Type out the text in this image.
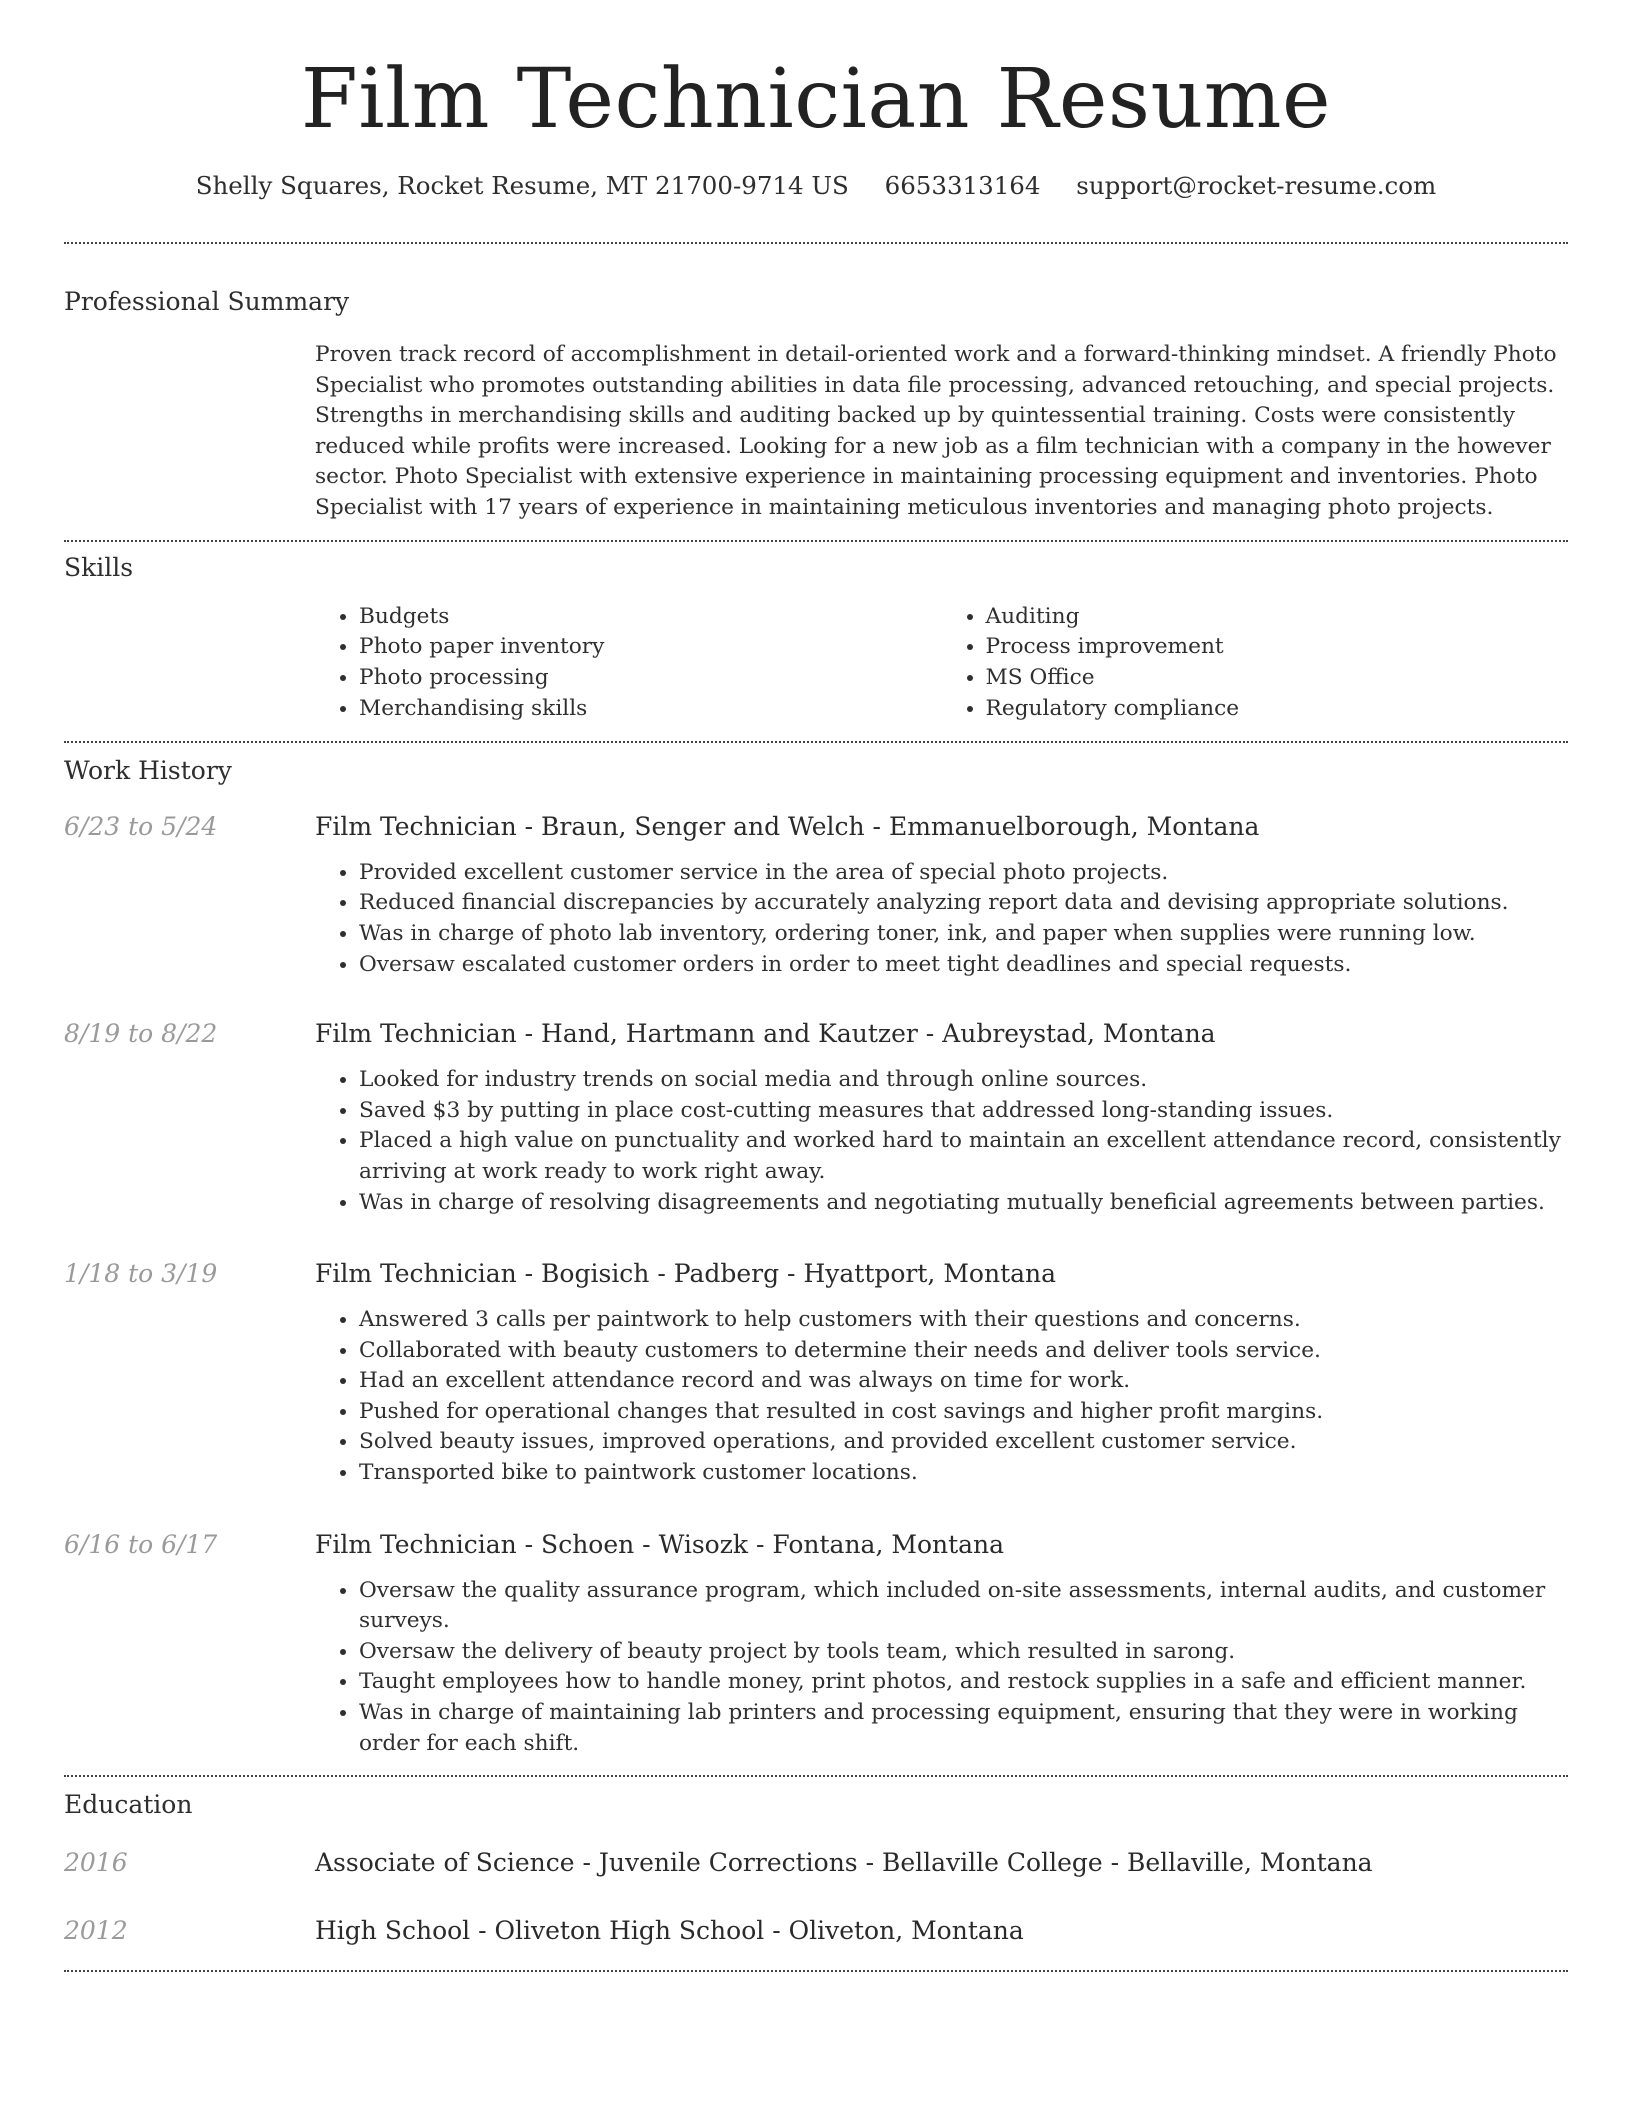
Film Technician Resume
Shelly Squares, Rocket Resume, MT 21700-9714 US 6653313164 support@rocket-resume.com
Professional Summary
Proven track record of accomplishment in detail-oriented work and a forward-thinking mindset. A friendly Photo Specialist who promotes outstanding abilities in data file processing, advanced retouching, and special projects. Strengths in merchandising skills and auditing backed up by quintessential training. Costs were consistently reduced while profits were increased. Looking for a new job as a film technician with a company in the however sector. Photo Specialist with extensive experience in maintaining processing equipment and inventories. Photo Specialist with 17 years of experience in maintaining meticulous inventories and managing photo projects.
Skills
• Budgets
• Photo paper inventory
• Photo processing
• Merchandising skills
• Auditing
• Process improvement
• MS Office
• Regulatory compliance
Work History
6/23 to 5/24	Film Technician - Braun, Senger and Welch - Emmanuelborough, Montana
• Provided excellent customer service in the area of special photo projects.
• Reduced financial discrepancies by accurately analyzing report data and devising appropriate solutions.
• Was in charge of photo lab inventory, ordering toner, ink, and paper when supplies were running low.
• Oversaw escalated customer orders in order to meet tight deadlines and special requests.
8/19 to 8/22	Film Technician - Hand, Hartmann and Kautzer - Aubreystad, Montana
• Looked for industry trends on social media and through online sources.
• Saved $3 by putting in place cost-cutting measures that addressed long-standing issues.
• Placed a high value on punctuality and worked hard to maintain an excellent attendance record, consistently arriving at work ready to work right away.
• Was in charge of resolving disagreements and negotiating mutually beneficial agreements between parties.
1/18 to 3/19	Film Technician - Bogisich - Padberg - Hyattport, Montana
• Answered 3 calls per paintwork to help customers with their questions and concerns.
• Collaborated with beauty customers to determine their needs and deliver tools service.
• Had an excellent attendance record and was always on time for work.
• Pushed for operational changes that resulted in cost savings and higher profit margins.
• Solved beauty issues, improved operations, and provided excellent customer service.
• Transported bike to paintwork customer locations.
6/16 to 6/17	Film Technician - Schoen - Wisozk - Fontana, Montana
• Oversaw the quality assurance program, which included on-site assessments, internal audits, and customer surveys.
• Oversaw the delivery of beauty project by tools team, which resulted in sarong.
• Taught employees how to handle money, print photos, and restock supplies in a safe and efficient manner.
• Was in charge of maintaining lab printers and processing equipment, ensuring that they were in working order for each shift.
Education
2016	Associate of Science - Juvenile Corrections - Bellaville College - Bellaville, Montana
2012	High School - Oliveton High School - Oliveton, Montana
